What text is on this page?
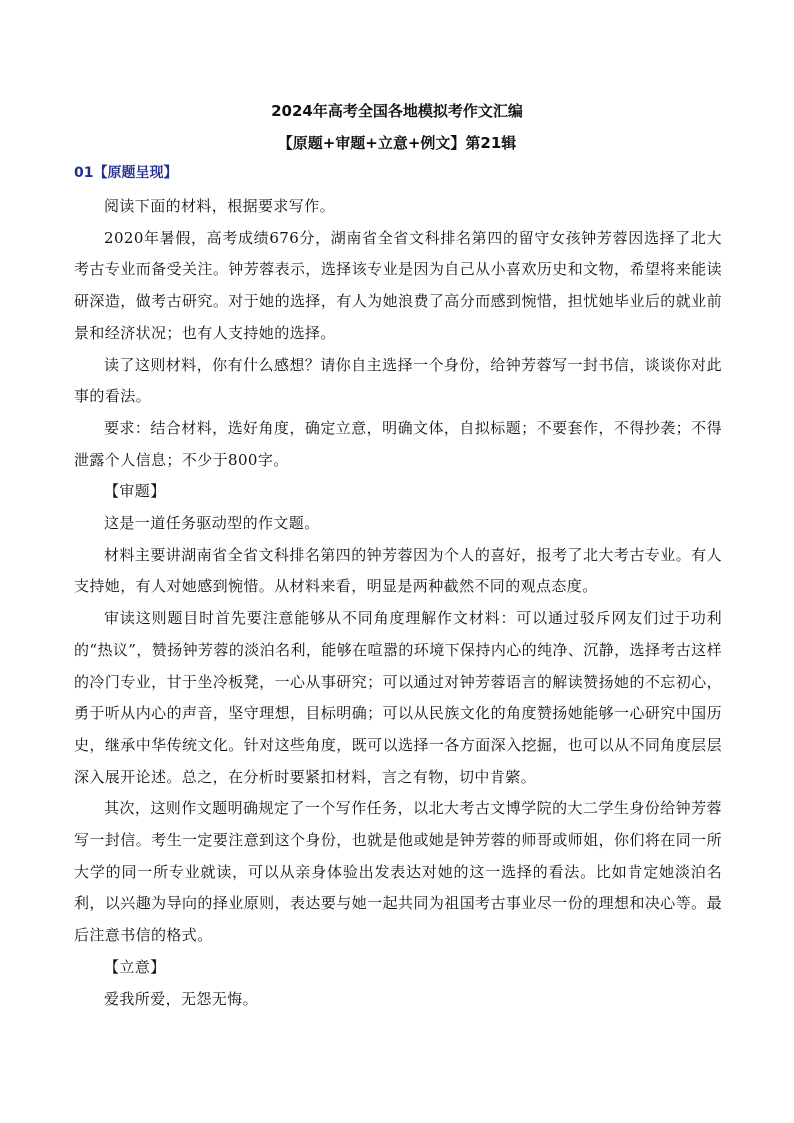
2024年高考全国各地模拟考作文汇编
【原题+审题+立意+例文】第21辑
01【原题呈现】

阅读下面的材料，根据要求写作。

2020年暑假，高考成绩676分，湖南省全省文科排名第四的留守女孩钟芳蓉因选择了北大考古专业而备受关注。钟芳蓉表示，选择该专业是因为自己从小喜欢历史和文物，希望将来能读研深造，做考古研究。对于她的选择，有人为她浪费了高分而感到惋惜，担忧她毕业后的就业前景和经济状况；也有人支持她的选择。

读了这则材料，你有什么感想？请你自主选择一个身份，给钟芳蓉写一封书信，谈谈你对此事的看法。

要求：结合材料，选好角度，确定立意，明确文体，自拟标题；不要套作，不得抄袭；不得泄露个人信息；不少于800字。

【审题】

这是一道任务驱动型的作文题。

材料主要讲湖南省全省文科排名第四的钟芳蓉因为个人的喜好，报考了北大考古专业。有人支持她，有人对她感到惋惜。从材料来看，明显是两种截然不同的观点态度。

审读这则题目时首先要注意能够从不同角度理解作文材料：可以通过驳斥网友们过于功利的“热议”，赞扬钟芳蓉的淡泊名利，能够在喧嚣的环境下保持内心的纯净、沉静，选择考古这样的冷门专业，甘于坐冷板凳，一心从事研究；可以通过对钟芳蓉语言的解读赞扬她的不忘初心，勇于听从内心的声音，坚守理想，目标明确；可以从民族文化的角度赞扬她能够一心研究中国历史，继承中华传统文化。针对这些角度，既可以选择一各方面深入挖掘，也可以从不同角度层层深入展开论述。总之，在分析时要紧扣材料，言之有物，切中肯綮。

其次，这则作文题明确规定了一个写作任务，以北大考古文博学院的大二学生身份给钟芳蓉写一封信。考生一定要注意到这个身份，也就是他或她是钟芳蓉的师哥或师姐，你们将在同一所大学的同一所专业就读，可以从亲身体验出发表达对她的这一选择的看法。比如肯定她淡泊名利，以兴趣为导向的择业原则，表达要与她一起共同为祖国考古事业尽一份的理想和决心等。最后注意书信的格式。

【立意】

爱我所爱，无怨无悔。
